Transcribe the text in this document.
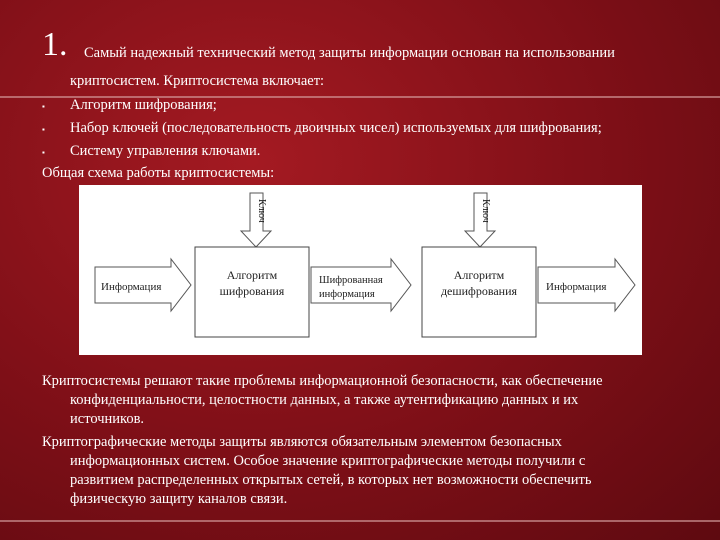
1. Самый надежный технический метод защиты информации основан на использовании
криптосистем. Криптосистема включает:
▪ Алгоритм шифрования;
▪ Набор ключей (последовательность двоичных чисел) используемых для шифрования;
▪ Систему управления ключами.
Общая схема работы криптосистемы:
Информация
Ключ
Алгоритм
шифрования
Шифрованная
информация
Ключ
Алгоритм
дешифрования	Информация
Криптосистемы решают такие проблемы информационной безопасности, как обеспечение
конфиденциальности, целостности данных, а также аутентификацию данных и их
источников.
Криптографические методы защиты являются обязательным элементом безопасных
информационных систем. Особое значение криптографические методы получили с
развитием распределенных открытых сетей, в которых нет возможности обеспечить
физическую защиту каналов связи.
